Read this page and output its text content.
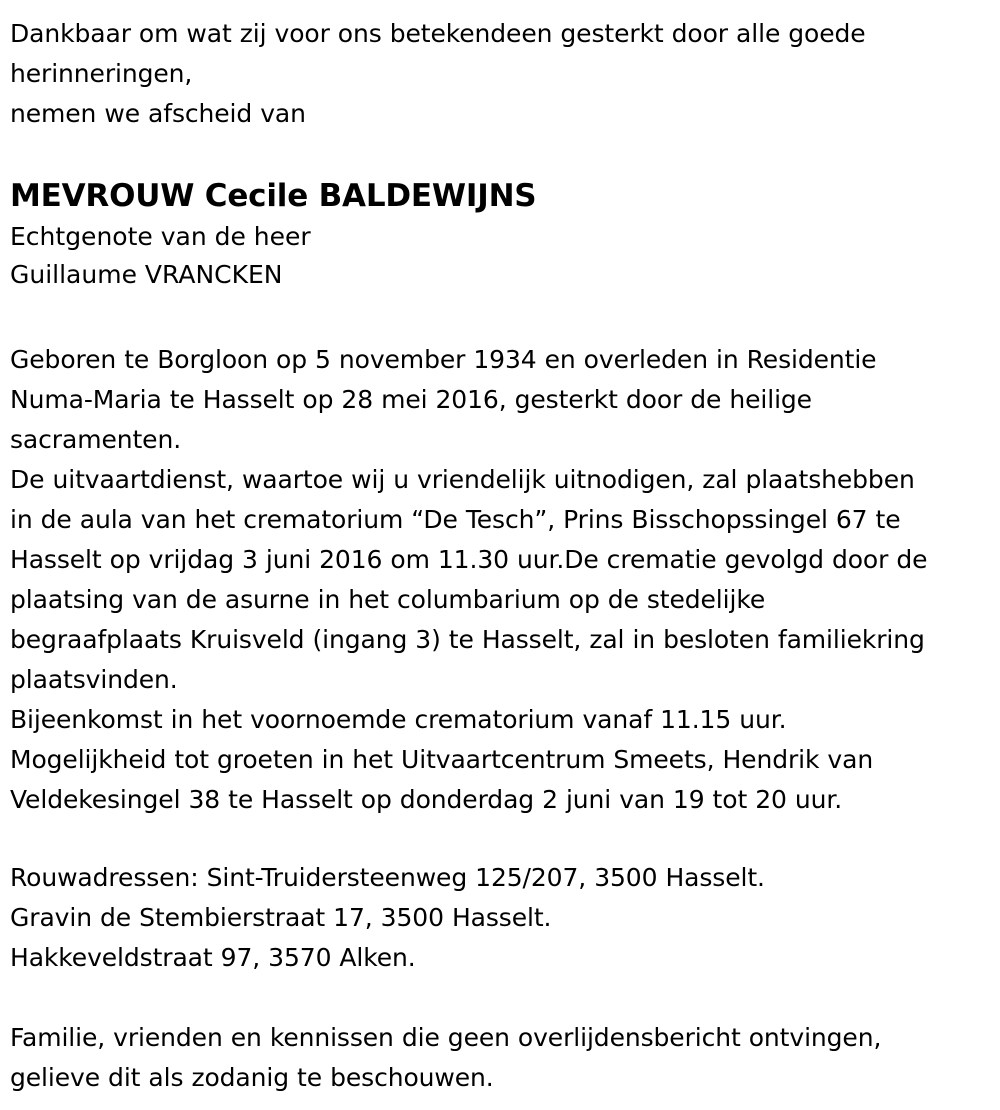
Dankbaar om wat zij voor ons betekendeen gesterkt door alle goede
herinneringen,
nemen we afscheid van

MEVROUW Cecile BALDEWIJNS

Echtgenote van de heer
Guillaume VRANCKEN

Geboren te Borgloon op 5 november 1934 en overleden in Residentie
Numa-Maria te Hasselt op 28 mei 2016, gesterkt door de heilige
sacramenten.

De uitvaartdienst, waartoe wij u vriendelijk uitnodigen, zal plaatshebben
in de aula van het crematorium “De Tesch”, Prins Bisschopssingel 67 te
Hasselt op vrijdag 3 juni 2016 om 11.30 uur.De crematie gevolgd door de
plaatsing van de asurne in het columbarium op de stedelijke
begraafplaats Kruisveld (ingang 3) te Hasselt, zal in besloten familiekring
plaatsvinden.
Bijeenkomst in het voornoemde crematorium vanaf 11.15 uur.
Mogelijkheid tot groeten in het Uitvaartcentrum Smeets, Hendrik van
Veldekesingel 38 te Hasselt op donderdag 2 juni van 19 tot 20 uur.

Rouwadressen: Sint-Truidersteenweg 125/207, 3500 Hasselt.
Gravin de Stembierstraat 17, 3500 Hasselt.
Hakkeveldstraat 97, 3570 Alken.

Familie, vrienden en kennissen die geen overlijdensbericht ontvingen,
gelieve dit als zodanig te beschouwen.
